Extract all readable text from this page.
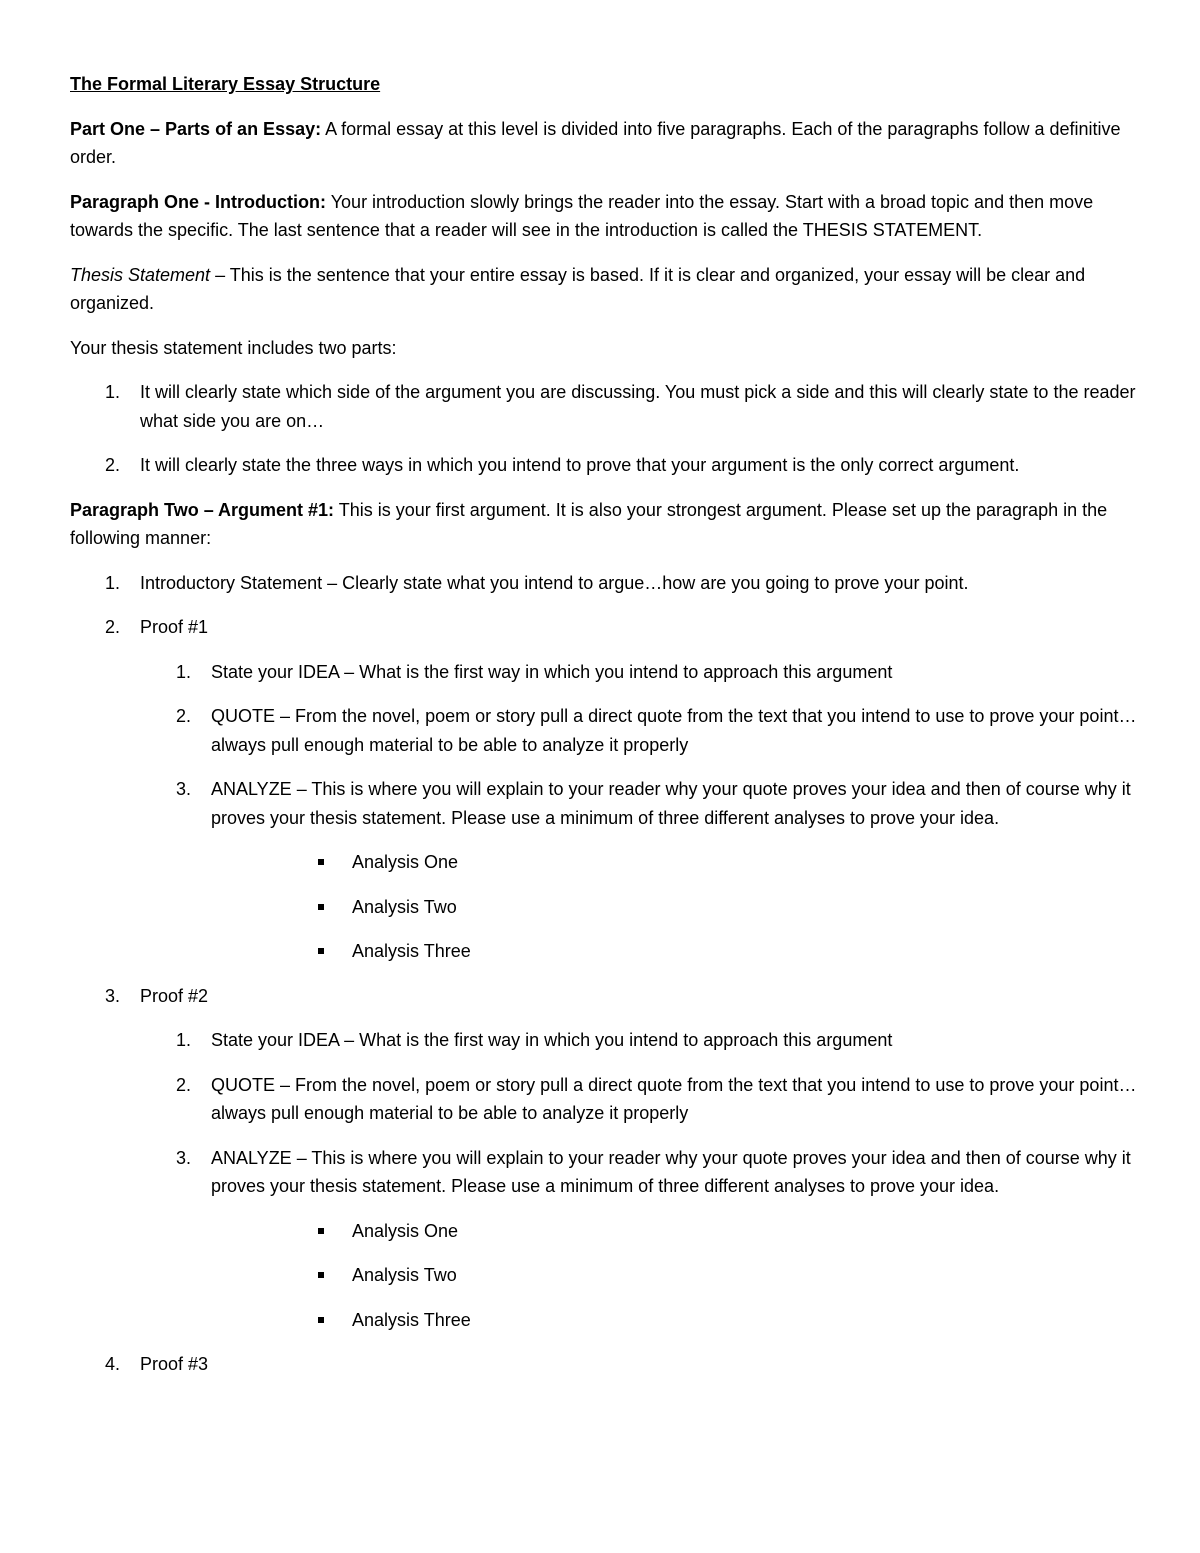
The Formal Literary Essay Structure

Part One – Parts of an Essay: A formal essay at this level is divided into five paragraphs. Each of the paragraphs follow a definitive order.

Paragraph One - Introduction: Your introduction slowly brings the reader into the essay. Start with a broad topic and then move towards the specific. The last sentence that a reader will see in the introduction is called the THESIS STATEMENT.

Thesis Statement – This is the sentence that your entire essay is based. If it is clear and organized, your essay will be clear and organized.

Your thesis statement includes two parts:

1. It will clearly state which side of the argument you are discussing. You must pick a side and this will clearly state to the reader what side you are on…
2. It will clearly state the three ways in which you intend to prove that your argument is the only correct argument.

Paragraph Two – Argument #1: This is your first argument. It is also your strongest argument. Please set up the paragraph in the following manner:

1. Introductory Statement – Clearly state what you intend to argue…how are you going to prove your point.
2. Proof #1
1. State your IDEA – What is the first way in which you intend to approach this argument
2. QUOTE – From the novel, poem or story pull a direct quote from the text that you intend to use to prove your point…always pull enough material to be able to analyze it properly
3. ANALYZE – This is where you will explain to your reader why your quote proves your idea and then of course why it proves your thesis statement. Please use a minimum of three different analyses to prove your idea.
Analysis One
Analysis Two
Analysis Three
3. Proof #2
1. State your IDEA – What is the first way in which you intend to approach this argument
2. QUOTE – From the novel, poem or story pull a direct quote from the text that you intend to use to prove your point…always pull enough material to be able to analyze it properly
3. ANALYZE – This is where you will explain to your reader why your quote proves your idea and then of course why it proves your thesis statement. Please use a minimum of three different analyses to prove your idea.
Analysis One
Analysis Two
Analysis Three
4. Proof #3
